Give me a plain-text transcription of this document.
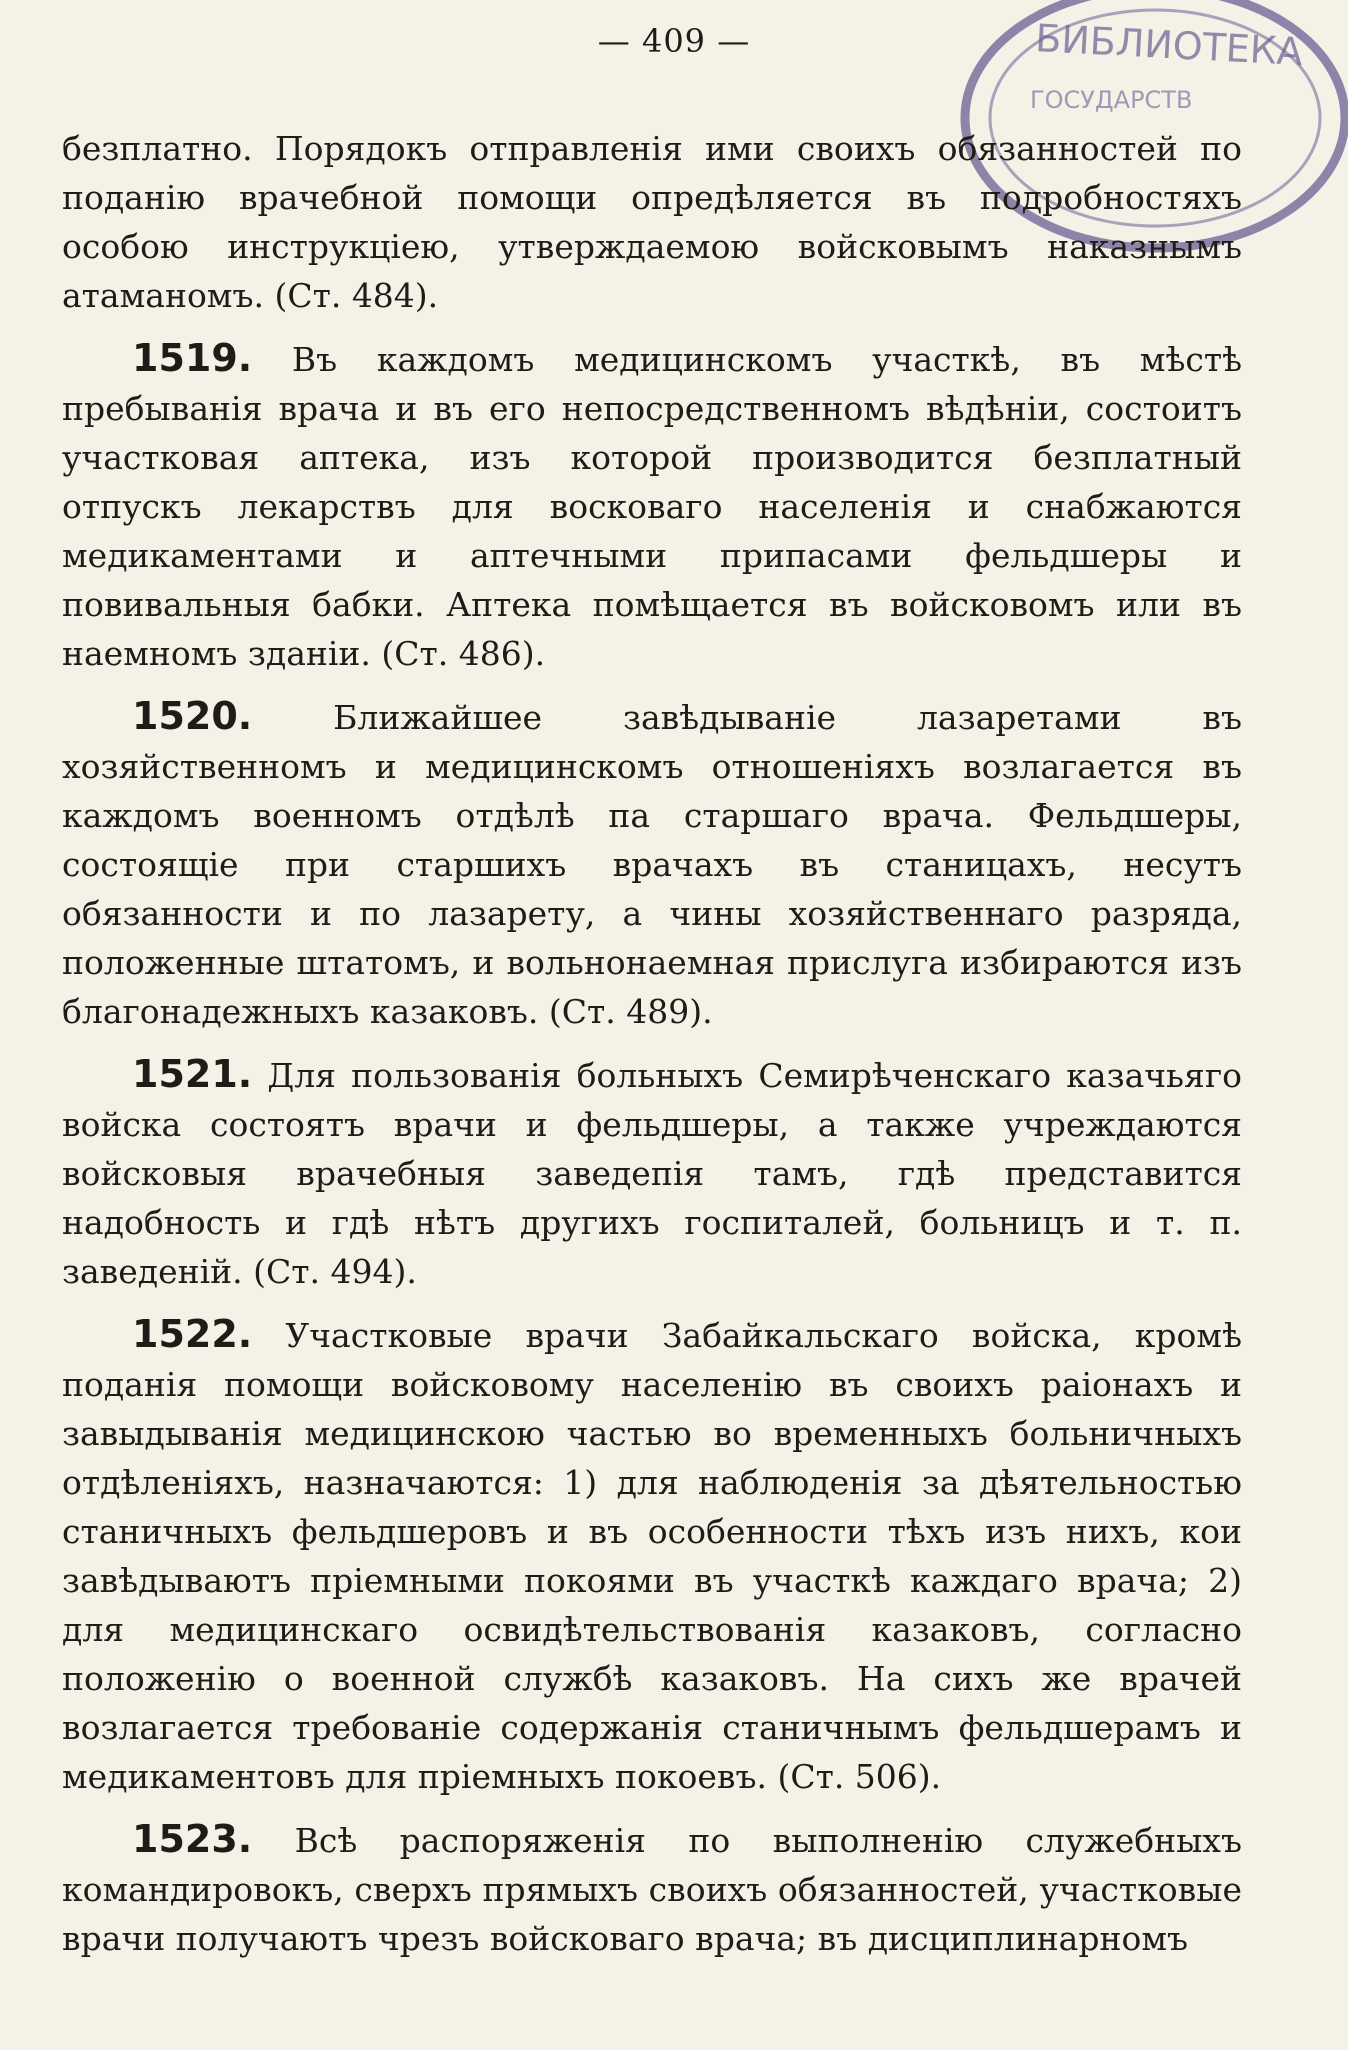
БИБЛИОТЕКА
ГОСУДАРСТВ
— 409 —

безплатно. Порядокъ отправленія ими своихъ обязанностей по поданію врачебной помощи опредѣляется въ подробностяхъ особою инструкціею, утверждаемою войсковымъ наказнымъ атаманомъ. (Ст. 484).

1519. Въ каждомъ медицинскомъ участкѣ, въ мѣстѣ пребыванія врача и въ его непосредственномъ вѣдѣніи, состоитъ участковая аптека, изъ которой производится безплатный отпускъ лекарствъ для восковаго населенія и снабжаются медикаментами и аптечными припасами фельдшеры и повивальныя бабки. Аптека помѣщается въ войсковомъ или въ наемномъ зданіи. (Ст. 486).

1520. Ближайшее завѣдываніе лазаретами въ хозяйственномъ и медицинскомъ отношеніяхъ возлагается въ каждомъ военномъ отдѣлѣ па старшаго врача. Фельдшеры, состоящіе при старшихъ врачахъ въ станицахъ, несутъ обязанности и по лазарету, а чины хозяйственнаго разряда, положенные штатомъ, и вольнонаемная прислуга избираются изъ благонадежныхъ казаковъ. (Ст. 489).

1521. Для пользованія больныхъ Семирѣченскаго казачьяго войска состоятъ врачи и фельдшеры, а также учреждаются войсковыя врачебныя заведепія тамъ, гдѣ представится надобность и гдѣ нѣтъ другихъ госпиталей, больницъ и т. п. заведеній. (Ст. 494).

1522. Участковые врачи Забайкальскаго войска, кромѣ поданія помощи войсковому населенію въ своихъ раіонахъ и завыдыванія медицинскою частью во временныхъ больничныхъ отдѣленіяхъ, назначаются: 1) для наблюденія за дѣятельностью станичныхъ фельдшеровъ и въ особенности тѣхъ изъ нихъ, кои завѣдываютъ пріемными покоями въ участкѣ каждаго врача; 2) для медицинскаго освидѣтельствованія казаковъ, согласно положенію о военной службѣ казаковъ. На сихъ же врачей возлагается требованіе содержанія станичнымъ фельдшерамъ и медикаментовъ для пріемныхъ покоевъ. (Ст. 506).

1523. Всѣ распоряженія по выполненію служебныхъ командировокъ, сверхъ прямыхъ своихъ обязанностей, участковые врачи получаютъ чрезъ войсковаго врача; въ дисциплинарномъ
